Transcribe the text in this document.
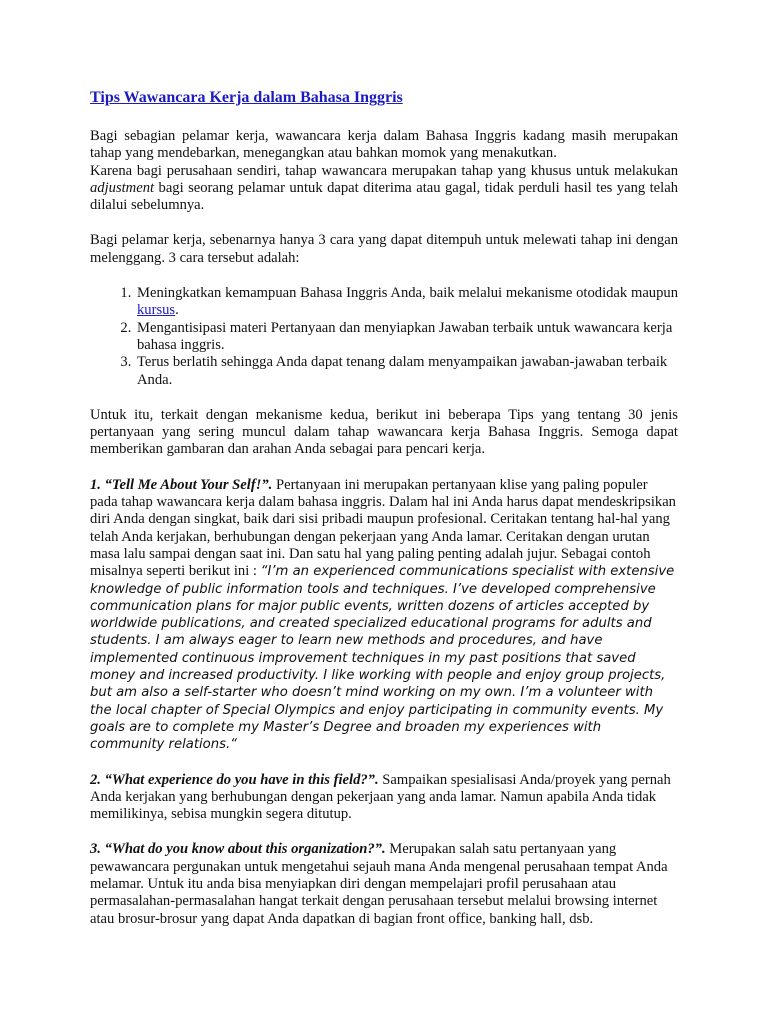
Tips Wawancara Kerja dalam Bahasa Inggris

Bagi sebagian pelamar kerja, wawancara kerja dalam Bahasa Inggris kadang masih merupakan tahap yang mendebarkan, menegangkan atau bahkan momok yang menakutkan.

Karena bagi perusahaan sendiri, tahap wawancara merupakan tahap yang khusus untuk melakukan adjustment bagi seorang pelamar untuk dapat diterima atau gagal, tidak perduli hasil tes yang telah dilalui sebelumnya.

Bagi pelamar kerja, sebenarnya hanya 3 cara yang dapat ditempuh untuk melewati tahap ini dengan melenggang. 3 cara tersebut adalah:

1. Meningkatkan kemampuan Bahasa Inggris Anda, baik melalui mekanisme otodidak maupun kursus.
2. Mengantisipasi materi Pertanyaan dan menyiapkan Jawaban terbaik untuk wawancara kerja bahasa inggris.
3. Terus berlatih sehingga Anda dapat tenang dalam menyampaikan jawaban-jawaban terbaik Anda.

Untuk itu, terkait dengan mekanisme kedua, berikut ini beberapa Tips yang tentang 30 jenis pertanyaan yang sering muncul dalam tahap wawancara kerja Bahasa Inggris. Semoga dapat memberikan gambaran dan arahan Anda sebagai para pencari kerja.

1. “Tell Me About Your Self!”. Pertanyaan ini merupakan pertanyaan klise yang paling populer pada tahap wawancara kerja dalam bahasa inggris. Dalam hal ini Anda harus dapat mendeskripsikan diri Anda dengan singkat, baik dari sisi pribadi maupun profesional. Ceritakan tentang hal-hal yang telah Anda kerjakan, berhubungan dengan pekerjaan yang Anda lamar. Ceritakan dengan urutan masa lalu sampai dengan saat ini. Dan satu hal yang paling penting adalah jujur. Sebagai contoh misalnya seperti berikut ini : “I’m an experienced communications specialist with extensive knowledge of public information tools and techniques. I’ve developed comprehensive communication plans for major public events, written dozens of articles accepted by worldwide publications, and created specialized educational programs for adults and students. I am always eager to learn new methods and procedures, and have implemented continuous improvement techniques in my past positions that saved money and increased productivity. I like working with people and enjoy group projects, but am also a self-starter who doesn’t mind working on my own. I’m a volunteer with the local chapter of Special Olympics and enjoy participating in community events. My goals are to complete my Master’s Degree and broaden my experiences with community relations.“

2. “What experience do you have in this field?”. Sampaikan spesialisasi Anda/proyek yang pernah Anda kerjakan yang berhubungan dengan pekerjaan yang anda lamar. Namun apabila Anda tidak memilikinya, sebisa mungkin segera ditutup.

3. “What do you know about this organization?”. Merupakan salah satu pertanyaan yang pewawancara pergunakan untuk mengetahui sejauh mana Anda mengenal perusahaan tempat Anda melamar. Untuk itu anda bisa menyiapkan diri dengan mempelajari profil perusahaan atau permasalahan-permasalahan hangat terkait dengan perusahaan tersebut melalui browsing internet atau brosur-brosur yang dapat Anda dapatkan di bagian front office, banking hall, dsb.
